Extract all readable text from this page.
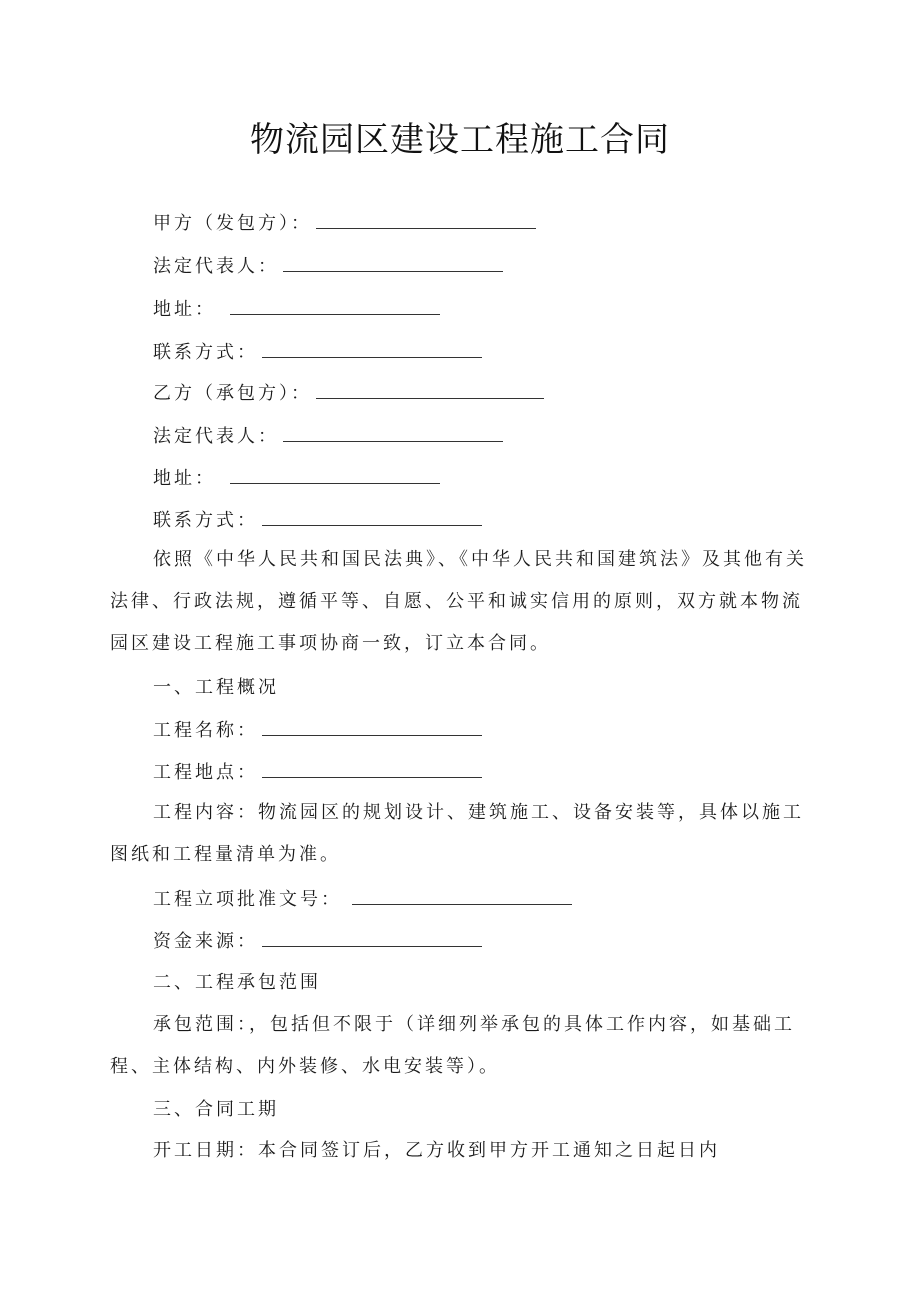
物流园区建设工程施工合同
甲方（发包方）：
法定代表人：
地址：
联系方式：
乙方（承包方）：
法定代表人：
地址：
联系方式：
依照《中华人民共和国民法典》、《中华人民共和国建筑法》及其他有关法律、行政法规，遵循平等、自愿、公平和诚实信用的原则，双方就本物流园区建设工程施工事项协商一致，订立本合同。
一、工程概况
工程名称：
工程地点：
工程内容：物流园区的规划设计、建筑施工、设备安装等，具体以施工图纸和工程量清单为准。
工程立项批准文号：
资金来源：
二、工程承包范围
承包范围：，包括但不限于（详细列举承包的具体工作内容，如基础工程、主体结构、内外装修、水电安装等）。
三、合同工期
开工日期：本合同签订后，乙方收到甲方开工通知之日起日内
